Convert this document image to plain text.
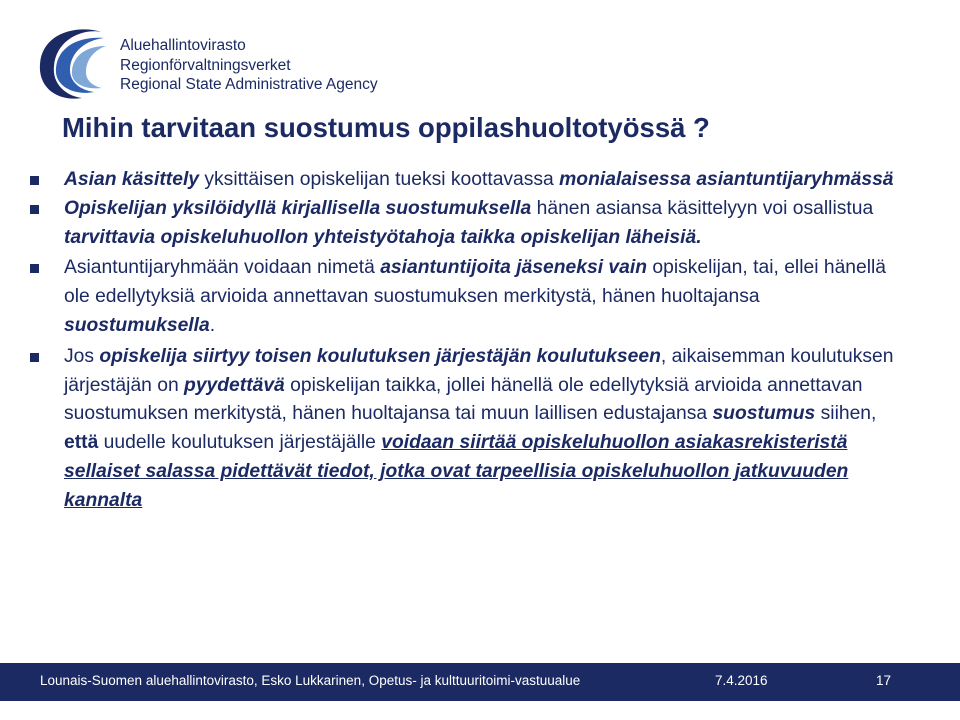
Aluehallintovirasto
Regionförvaltningsverket
Regional State Administrative Agency
Mihin tarvitaan suostumus oppilashuoltotyössä ?
Asian käsittely yksittäisen opiskelijan tueksi koottavassa monialaisessa asiantuntijaryhmässä
Opiskelijan yksilöidyllä kirjallisella suostumuksella hänen asiansa käsittelyyn voi osallistua tarvittavia opiskeluhuollon yhteistyötahoja taikka opiskelijan läheisiä.
Asiantuntijaryhmään voidaan nimetä asiantuntijoita jäseneksi vain opiskelijan, tai, ellei hänellä ole edellytyksiä arvioida annettavan suostumuksen merkitystä, hänen huoltajansa suostumuksella.
Jos opiskelija siirtyy toisen koulutuksen järjestäjän koulutukseen, aikaisemman koulutuksen järjestäjän on pyydettävä opiskelijan taikka, jollei hänellä ole edellytyksiä arvioida annettavan suostumuksen merkitystä, hänen huoltajansa tai muun laillisen edustajansa suostumus siihen, että uudelle koulutuksen järjestäjälle voidaan siirtää opiskeluhuollon asiakasrekisteristä sellaiset salassa pidettävät tiedot, jotka ovat tarpeellisia opiskeluhuollon jatkuvuuden kannalta
Lounais-Suomen aluehallintovirasto, Esko Lukkarinen, Opetus- ja kulttuuritoimi-vastuualue	7.4.2016	17
